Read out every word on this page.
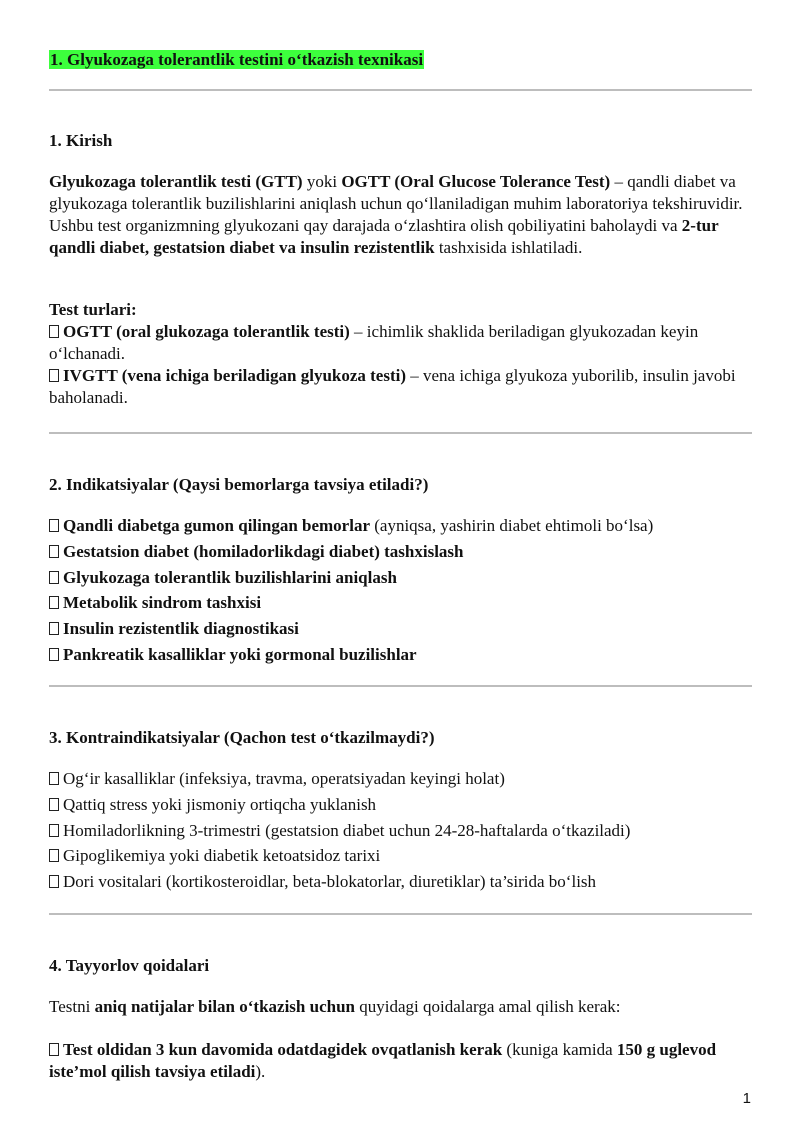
1. Glyukozaga tolerantlik testini o‘tkazish texnikasi
1. Kirish

Glyukozaga tolerantlik testi (GTT) yoki OGTT (Oral Glucose Tolerance Test) – qandli diabet va glyukozaga tolerantlik buzilishlarini aniqlash uchun qo‘llaniladigan muhim laboratoriya tekshiruvidir. Ushbu test organizmning glyukozani qay darajada o‘zlashtira olish qobiliyatini baholaydi va 2-tur qandli diabet, gestatsion diabet va insulin rezistentlik tashxisida ishlatiladi.

Test turlari:
OGTT (oral glukozaga tolerantlik testi) – ichimlik shaklida beriladigan glyukozadan keyin o‘lchanadi.
IVGTT (vena ichiga beriladigan glyukoza testi) – vena ichiga glyukoza yuborilib, insulin javobi baholanadi.
2. Indikatsiyalar (Qaysi bemorlarga tavsiya etiladi?)
Qandli diabetga gumon qilingan bemorlar (ayniqsa, yashirin diabet ehtimoli bo‘lsa)
Gestatsion diabet (homiladorlikdagi diabet) tashxislash
Glyukozaga tolerantlik buzilishlarini aniqlash
Metabolik sindrom tashxisi
Insulin rezistentlik diagnostikasi
Pankreatik kasalliklar yoki gormonal buzilishlar
3. Kontraindikatsiyalar (Qachon test o‘tkazilmaydi?)
Og‘ir kasalliklar (infeksiya, travma, operatsiyadan keyingi holat)
Qattiq stress yoki jismoniy ortiqcha yuklanish
Homiladorlikning 3-trimestri (gestatsion diabet uchun 24-28-haftalarda o‘tkaziladi)
Gipoglikemiya yoki diabetik ketoatsidoz tarixi
Dori vositalari (kortikosteroidlar, beta-blokatorlar, diuretiklar) ta’sirida bo‘lish
4. Tayyorlov qoidalari

Testni aniq natijalar bilan o‘tkazish uchun quyidagi qoidalarga amal qilish kerak:

Test oldidan 3 kun davomida odatdagidek ovqatlanish kerak (kuniga kamida 150 g uglevod iste’mol qilish tavsiya etiladi).

1
